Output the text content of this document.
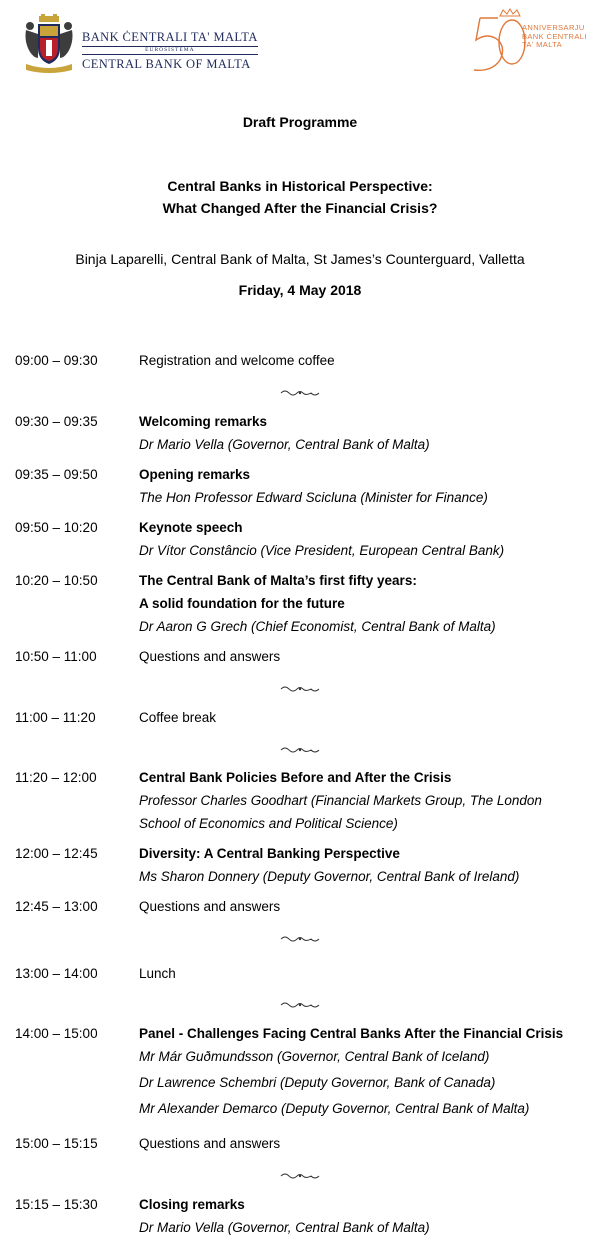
BANK ĊENTRALI TA' MALTA
EUROSISTEMA
CENTRAL BANK OF MALTA
ANNIVERSARJU
BANK ĊENTRALI
TA' MALTA
Draft Programme
Central Banks in Historical Perspective:
What Changed After the Financial Crisis?
Binja Laparelli, Central Bank of Malta, St James’s Counterguard, Valletta
Friday, 4 May 2018
09:00 – 09:30	Registration and welcome coffee
09:30 – 09:35	Welcoming remarks
Dr Mario Vella (Governor, Central Bank of Malta)
09:35 – 09:50	Opening remarks
The Hon Professor Edward Scicluna (Minister for Finance)
09:50 – 10:20	Keynote speech
Dr Vítor Constâncio (Vice President, European Central Bank)
10:20 – 10:50	The Central Bank of Malta’s first fifty years:
A solid foundation for the future
Dr Aaron G Grech (Chief Economist, Central Bank of Malta)
10:50 – 11:00	Questions and answers
11:00 – 11:20	Coffee break
11:20 – 12:00	Central Bank Policies Before and After the Crisis
Professor Charles Goodhart (Financial Markets Group, The London
School of Economics and Political Science)
12:00 – 12:45	Diversity: A Central Banking Perspective
Ms Sharon Donnery (Deputy Governor, Central Bank of Ireland)
12:45 – 13:00	Questions and answers
13:00 – 14:00	Lunch
14:00 – 15:00	Panel - Challenges Facing Central Banks After the Financial Crisis
Mr Már Guðmundsson (Governor, Central Bank of Iceland)
Dr Lawrence Schembri (Deputy Governor, Bank of Canada)
Mr Alexander Demarco (Deputy Governor, Central Bank of Malta)
15:00 – 15:15	Questions and answers
15:15 – 15:30	Closing remarks
Dr Mario Vella (Governor, Central Bank of Malta)
